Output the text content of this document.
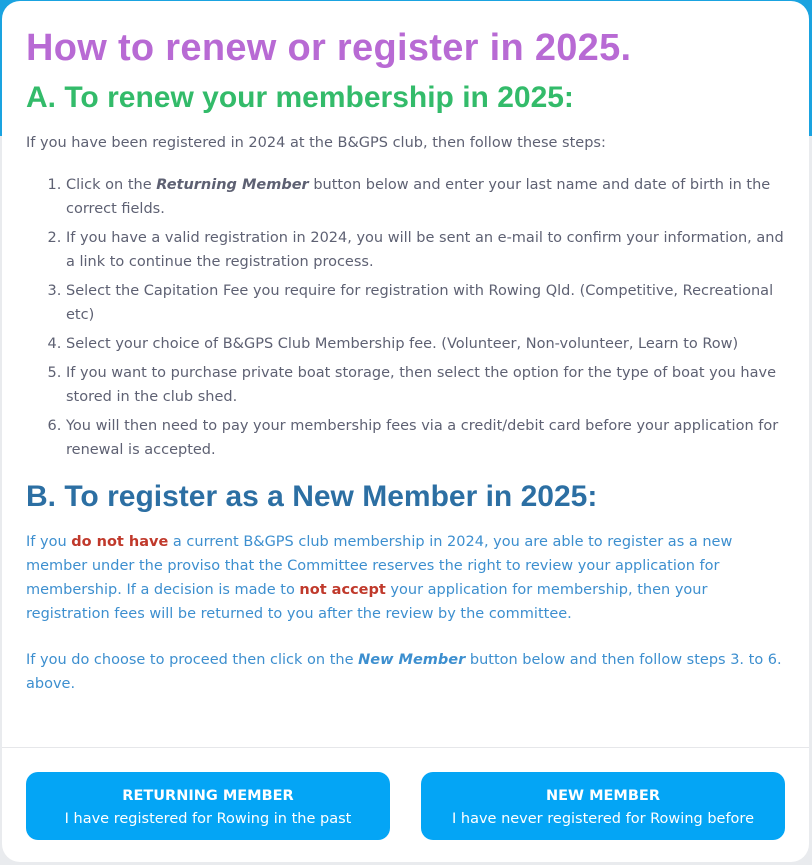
How to renew or register in 2025.
A. To renew your membership in 2025:

If you have been registered in 2024 at the B&GPS club, then follow these steps:

1. Click on the Returning Member button below and enter your last name and date of birth in the correct fields.
2. If you have a valid registration in 2024, you will be sent an e-mail to confirm your information, and a link to continue the registration process.
3. Select the Capitation Fee you require for registration with Rowing Qld. (Competitive, Recreational etc)
4. Select your choice of B&GPS Club Membership fee. (Volunteer, Non-volunteer, Learn to Row)
5. If you want to purchase private boat storage, then select the option for the type of boat you have stored in the club shed.
6. You will then need to pay your membership fees via a credit/debit card before your application for renewal is accepted.
B. To register as a New Member in 2025:

If you do not have a current B&GPS club membership in 2024, you are able to register as a new member under the proviso that the Committee reserves the right to review your application for membership. If a decision is made to not accept your application for membership, then your registration fees will be returned to you after the review by the committee.

If you do choose to proceed then click on the New Member button below and then follow steps 3. to 6. above.

RETURNING MEMBER
I have registered for Rowing in the past
NEW MEMBER
I have never registered for Rowing before
